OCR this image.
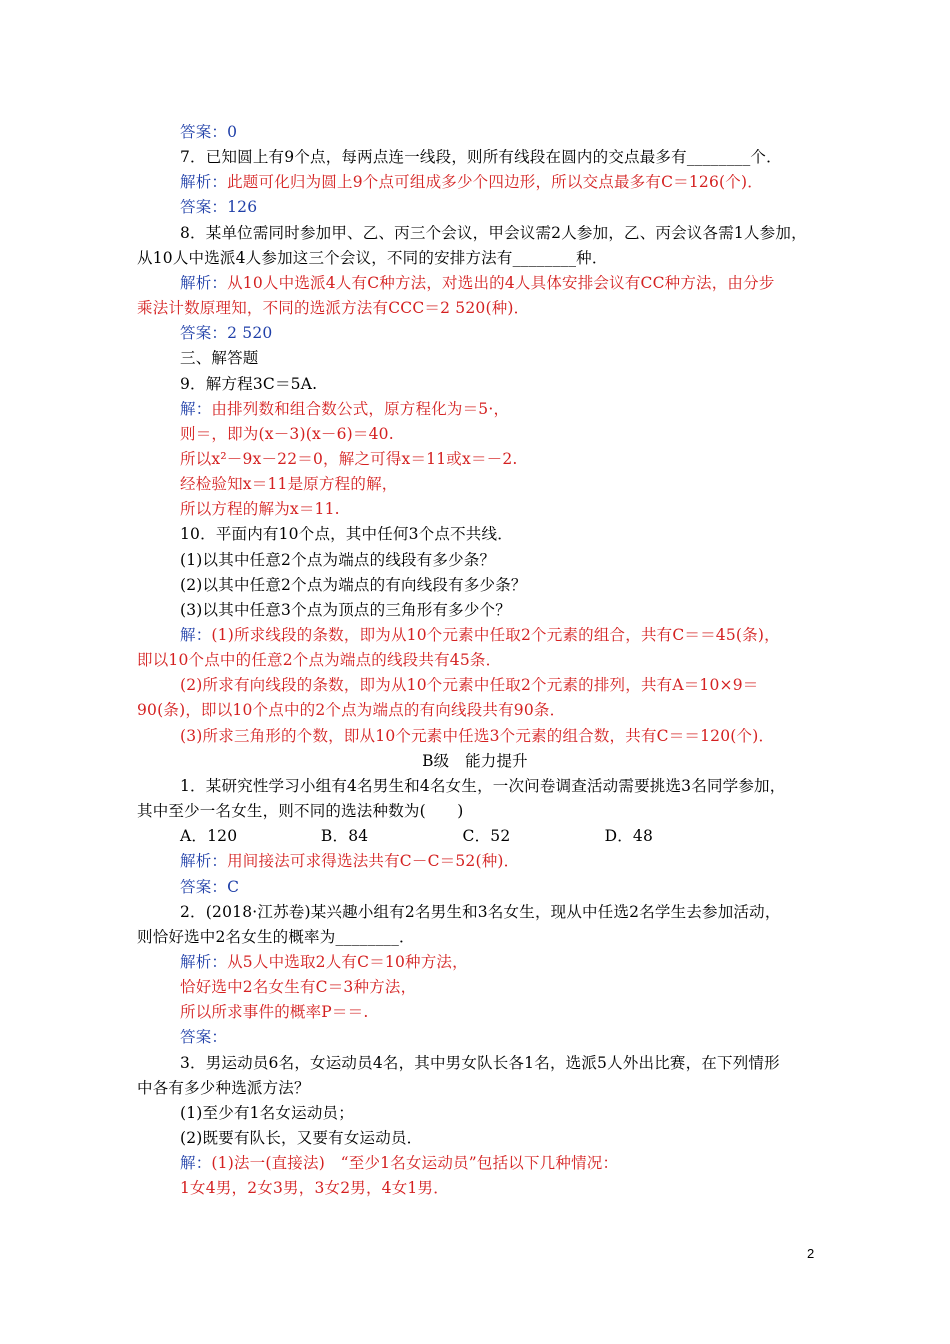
答案：0
7．已知圆上有9个点，每两点连一线段，则所有线段在圆内的交点最多有________个．
解析：此题可化归为圆上9个点可组成多少个四边形，所以交点最多有C＝126(个)．
答案：126
8．某单位需同时参加甲、乙、丙三个会议，甲会议需2人参加，乙、丙会议各需1人参加，
从10人中选派4人参加这三个会议，不同的安排方法有________种．
解析：从10人中选派4人有C种方法，对选出的4人具体安排会议有CC种方法，由分步
乘法计数原理知，不同的选派方法有CCC＝2 520(种)．
答案：2 520
三、解答题
9．解方程3C＝5A.
解：由排列数和组合数公式，原方程化为＝5·，
则＝，即为(x－3)(x－6)＝40.
所以x²－9x－22＝0，解之可得x＝11或x＝－2.
经检验知x＝11是原方程的解，
所以方程的解为x＝11.
10．平面内有10个点，其中任何3个点不共线．
(1)以其中任意2个点为端点的线段有多少条？
(2)以其中任意2个点为端点的有向线段有多少条？
(3)以其中任意3个点为顶点的三角形有多少个？
解：(1)所求线段的条数，即为从10个元素中任取2个元素的组合，共有C＝＝45(条)，
即以10个点中的任意2个点为端点的线段共有45条．
(2)所求有向线段的条数，即为从10个元素中任取2个元素的排列，共有A＝10×9＝
90(条)，即以10个点中的2个点为端点的有向线段共有90条．
(3)所求三角形的个数，即从10个元素中任选3个元素的组合数，共有C＝＝120(个)．
B级　能力提升
1．某研究性学习小组有4名男生和4名女生，一次问卷调查活动需要挑选3名同学参加，
其中至少一名女生，则不同的选法种数为(　　)
A．120　　　　　 B．84　　　　　　C．52　　　　　　D．48
解析：用间接法可求得选法共有C－C＝52(种)．
答案：C
2．(2018·江苏卷)某兴趣小组有2名男生和3名女生，现从中任选2名学生去参加活动，
则恰好选中2名女生的概率为________．
解析：从5人中选取2人有C＝10种方法，
恰好选中2名女生有C＝3种方法，
所以所求事件的概率P＝＝.
答案：
3．男运动员6名，女运动员4名，其中男女队长各1名，选派5人外出比赛，在下列情形
中各有多少种选派方法？
(1)至少有1名女运动员；
(2)既要有队长，又要有女运动员．
解：(1)法一(直接法)　“至少1名女运动员”包括以下几种情况：
1女4男，2女3男，3女2男，4女1男．
2
